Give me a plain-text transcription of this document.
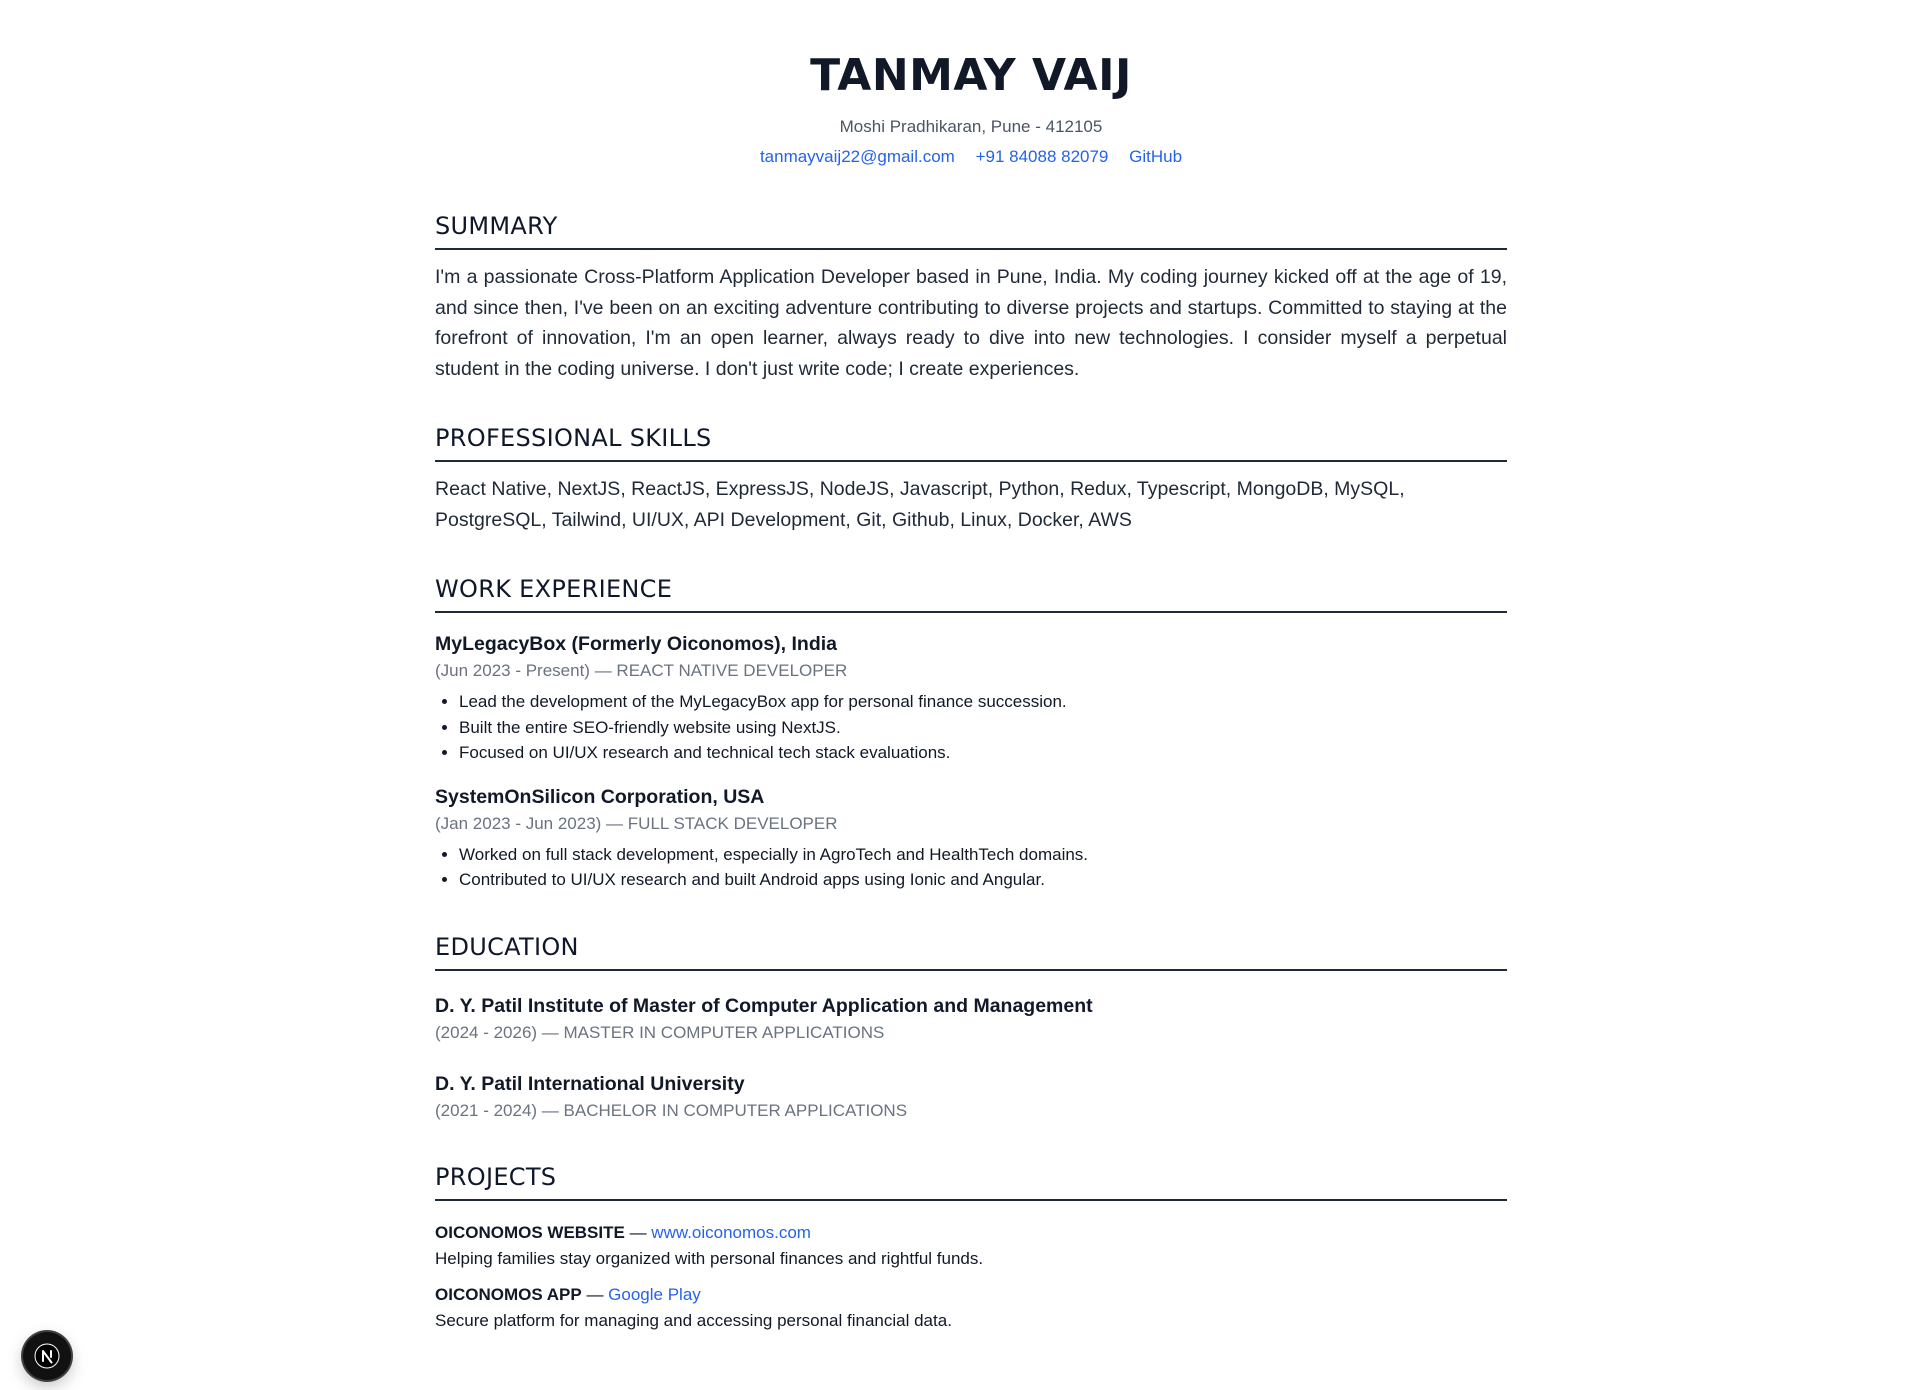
TANMAY VAIJ
Moshi Pradhikaran, Pune - 412105
tanmayvaij22@gmail.com +91 84088 82079 GitHub
SUMMARY

I'm a passionate Cross-Platform Application Developer based in Pune, India. My coding journey kicked off at the age of 19, and since then, I've been on an exciting adventure contributing to diverse projects and startups. Committed to staying at the forefront of innovation, I'm an open learner, always ready to dive into new technologies. I consider myself a perpetual student in the coding universe. I don't just write code; I create experiences.

PROFESSIONAL SKILLS

React Native, NextJS, ReactJS, ExpressJS, NodeJS, Javascript, Python, Redux, Typescript, MongoDB, MySQL, PostgreSQL, Tailwind, UI/UX, API Development, Git, Github, Linux, Docker, AWS

WORK EXPERIENCE
MyLegacyBox (Formerly Oiconomos), India
(Jun 2023 - Present) — REACT NATIVE DEVELOPER
• Lead the development of the MyLegacyBox app for personal finance succession.
• Built the entire SEO-friendly website using NextJS.
• Focused on UI/UX research and technical tech stack evaluations.
SystemOnSilicon Corporation, USA
(Jan 2023 - Jun 2023) — FULL STACK DEVELOPER
• Worked on full stack development, especially in AgroTech and HealthTech domains.
• Contributed to UI/UX research and built Android apps using Ionic and Angular.
EDUCATION
D. Y. Patil Institute of Master of Computer Application and Management
(2024 - 2026) — MASTER IN COMPUTER APPLICATIONS
D. Y. Patil International University
(2021 - 2024) — BACHELOR IN COMPUTER APPLICATIONS
PROJECTS
OICONOMOS WEBSITE — www.oiconomos.com
Helping families stay organized with personal finances and rightful funds.
OICONOMOS APP — Google Play
Secure platform for managing and accessing personal financial data.
